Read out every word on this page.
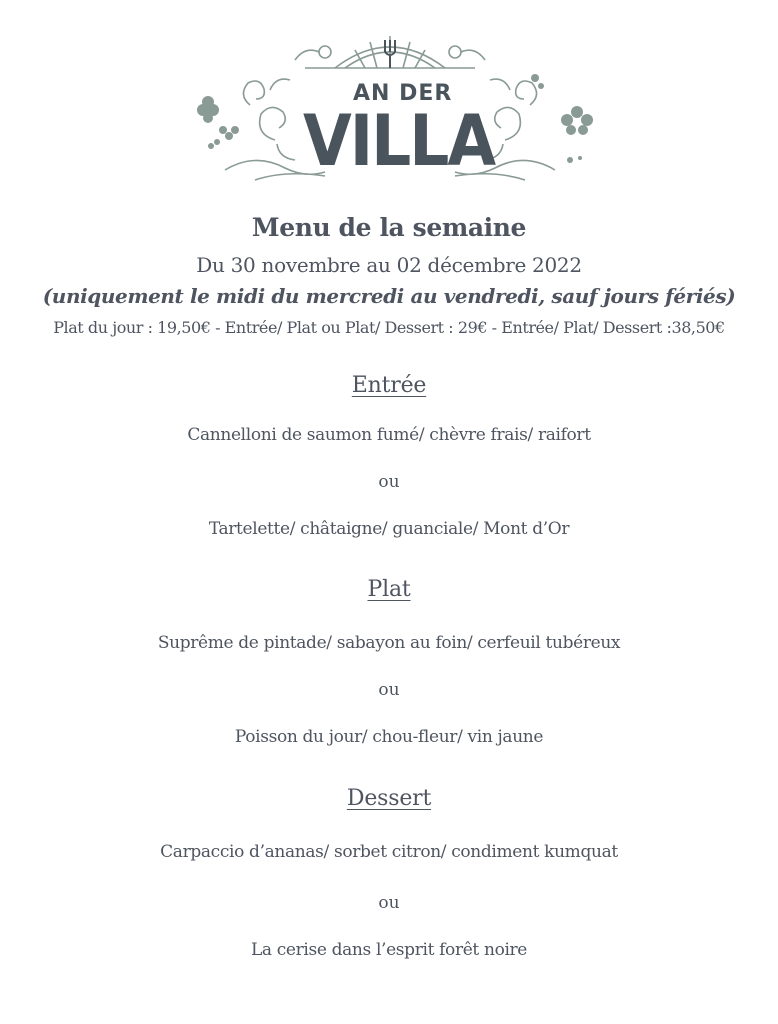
AN DER
VILLA
Menu de la semaine
Du 30 novembre au 02 décembre 2022
(uniquement le midi du mercredi au vendredi, sauf jours fériés)
Plat du jour : 19,50€ - Entrée/ Plat ou Plat/ Dessert : 29€ - Entrée/ Plat/ Dessert :38,50€
Entrée
Cannelloni de saumon fumé/ chèvre frais/ raifort
ou
Tartelette/ châtaigne/ guanciale/ Mont d’Or
Plat
Suprême de pintade/ sabayon au foin/ cerfeuil tubéreux
ou
Poisson du jour/ chou-fleur/ vin jaune
Dessert
Carpaccio d’ananas/ sorbet citron/ condiment kumquat
ou
La cerise dans l’esprit forêt noire
